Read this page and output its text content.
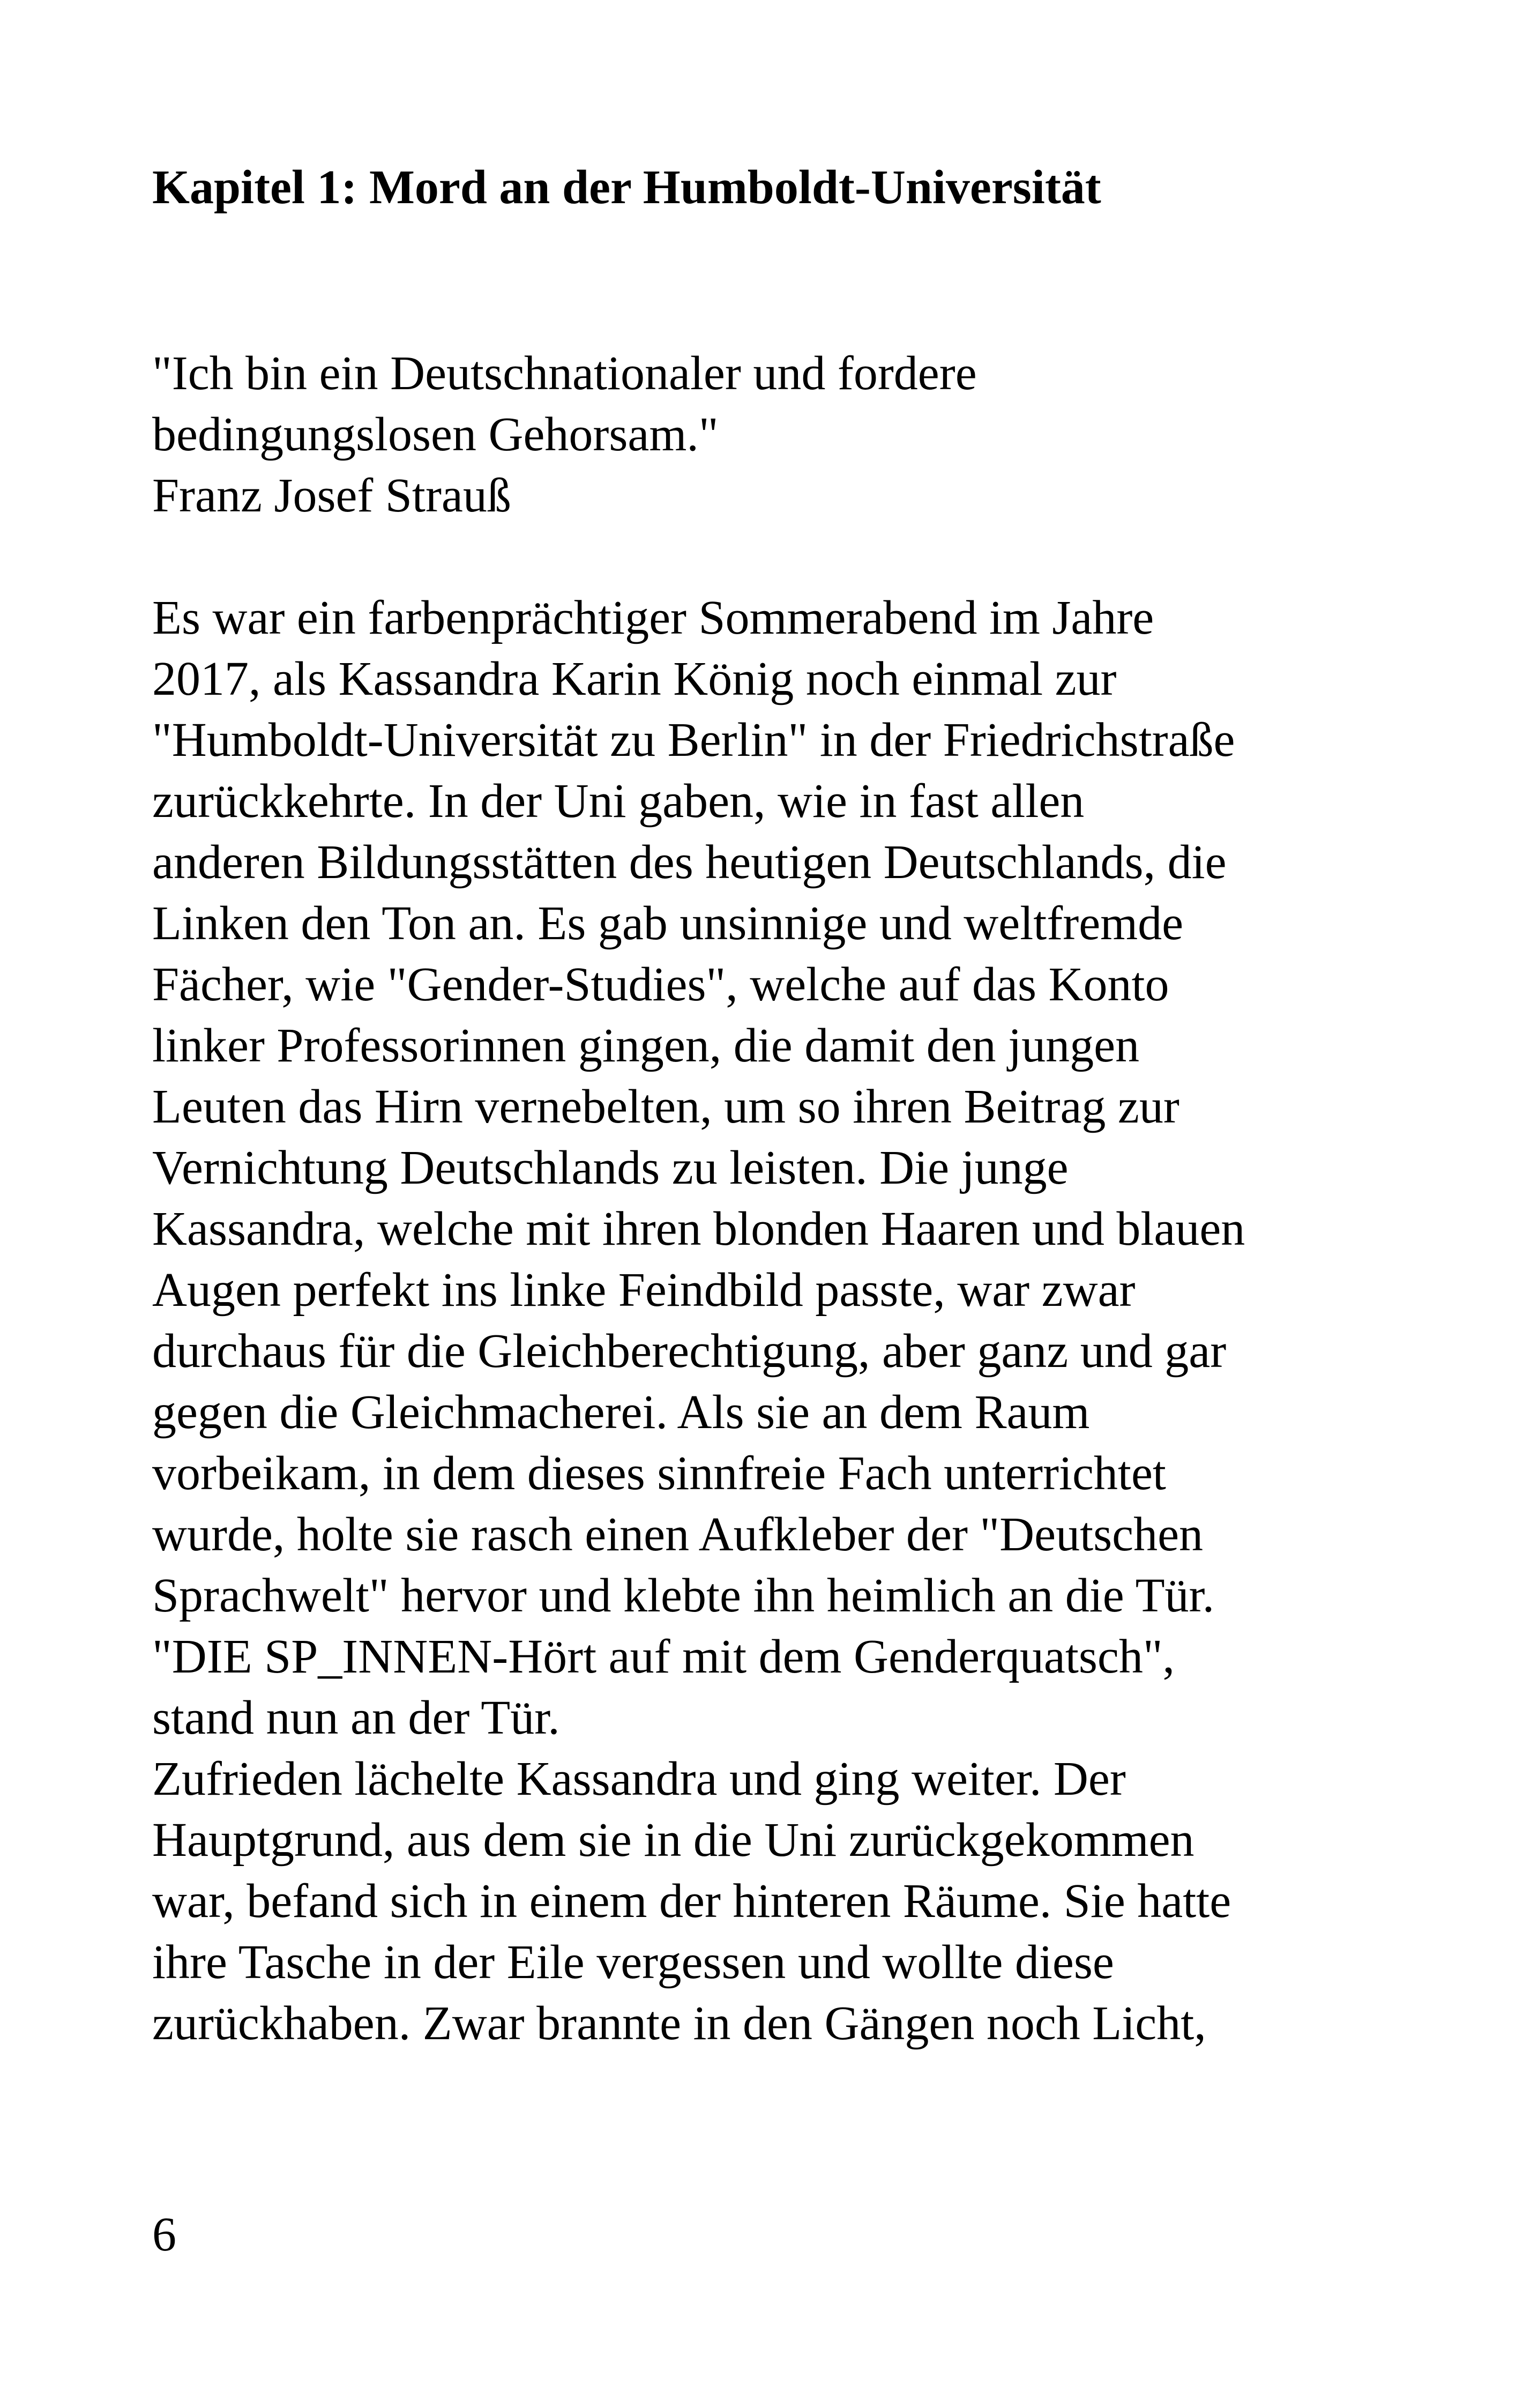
Kapitel 1: Mord an der Humboldt-Universität
"Ich bin ein Deutschnationaler und fordere
bedingungslosen Gehorsam."
Franz Josef Strauß
Es war ein farbenprächtiger Sommerabend im Jahre
2017, als Kassandra Karin König noch einmal zur
"Humboldt-Universität zu Berlin" in der Friedrichstraße
zurückkehrte. In der Uni gaben, wie in fast allen
anderen Bildungsstätten des heutigen Deutschlands, die
Linken den Ton an. Es gab unsinnige und weltfremde
Fächer, wie "Gender-Studies", welche auf das Konto
linker Professorinnen gingen, die damit den jungen
Leuten das Hirn vernebelten, um so ihren Beitrag zur
Vernichtung Deutschlands zu leisten. Die junge
Kassandra, welche mit ihren blonden Haaren und blauen
Augen perfekt ins linke Feindbild passte, war zwar
durchaus für die Gleichberechtigung, aber ganz und gar
gegen die Gleichmacherei. Als sie an dem Raum
vorbeikam, in dem dieses sinnfreie Fach unterrichtet
wurde, holte sie rasch einen Aufkleber der "Deutschen
Sprachwelt" hervor und klebte ihn heimlich an die Tür.
"DIE SP_INNEN-Hört auf mit dem Genderquatsch",
stand nun an der Tür.
Zufrieden lächelte Kassandra und ging weiter. Der
Hauptgrund, aus dem sie in die Uni zurückgekommen
war, befand sich in einem der hinteren Räume. Sie hatte
ihre Tasche in der Eile vergessen und wollte diese
zurückhaben. Zwar brannte in den Gängen noch Licht,
6
